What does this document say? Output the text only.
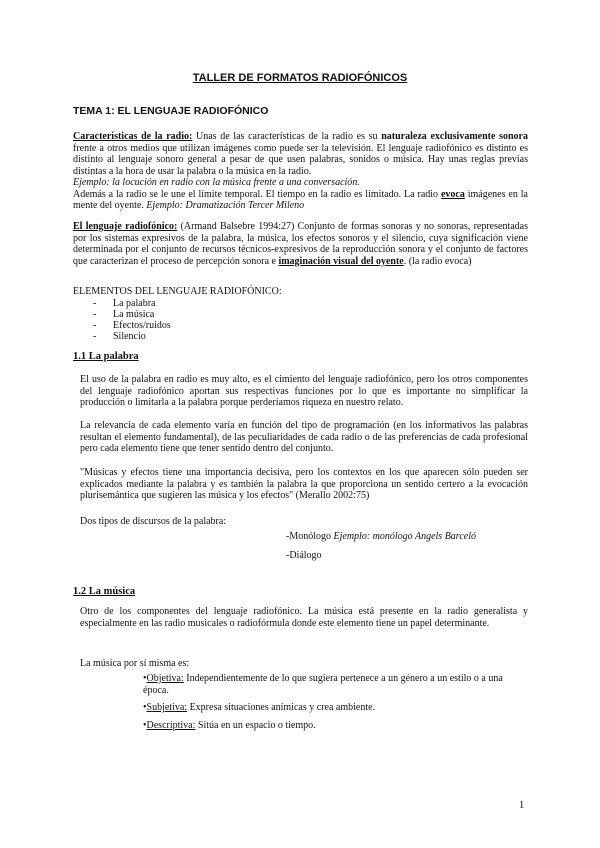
TALLER DE FORMATOS RADIOFÓNICOS
TEMA 1: EL LENGUAJE RADIOFÓNICO
Características de la radio: Unas de las características de la radio es su naturaleza exclusivamente sonora frente a otros medios que utilizan imágenes como puede ser la televisión. El lenguaje radiofónico es distinto es distinto al lenguaje sonoro general a pesar de que usen palabras, sonidos o música. Hay unas reglas previas distintas a la hora de usar la palabra o la música en la radio.
Ejemplo: la locución en radio con la música frente a una conversación.
Además a la radio se le une el límite temporal. El tiempo en la radio es limitado. La radio evoca imágenes en la mente del oyente. Ejemplo: Dramatización Tercer Mileno
El lenguaje radiofónico: (Armand Balsebre 1994:27) Conjunto de formas sonoras y no sonoras, representadas por los sistemas expresivos de la palabra, la música, los efectos sonoros y el silencio, cuya significación viene determinada por el conjunto de recursos técnicos-expresivos de la reproducción sonora y el conjunto de factores que caracterizan el proceso de percepción sonora e imaginación visual del oyente. (la radio evoca)
ELEMENTOS DEL LENGUAJE RADIOFÓNICO:
- La palabra
- La música
- Efectos/ruidos
- Silencio
1.1 La palabra
El uso de la palabra en radio es muy alto, es el cimiento del lenguaje radiofónico, pero los otros componentes del lenguaje radiofónico aportan sus respectivas funciones por lo que es importante no simplificar la producción o limitarla a la palabra porque perderíamos riqueza en nuestro relato.
La relevancia de cada elemento varía en función del tipo de programación (en los informativos las palabras resultan el elemento fundamental), de las peculiaridades de cada radio o de las preferencias de cada profesional pero cada elemento tiene que tener sentido dentro del conjunto.
"Músicas y efectos tiene una importancia decisiva, pero los contextos en los que aparecen sólo pueden ser explicados mediante la palabra y es también la palabra la que proporciona un sentido certero a la evocación plurisemántica que sugieren las música y los efectos" (Merallo 2002:75)
Dos tipos de discursos de la palabra:
-Monólogo Ejemplo: monólogo Angels Barceló
-Diálogo
1.2 La música
Otro de los componentes del lenguaje radiofónico. La música está presente en la radio generalista y especialmente en las radio musicales o radiofórmula donde este elemento tiene un papel determinante.
La música por sí misma es:
•Objetiva: Independientemente de lo que sugiera pertenece a un género a un estilo o a una época.
•Subjetiva: Expresa situaciones anímicas y crea ambiente.
•Descriptiva: Sitúa en un espacio o tiempo.
1
